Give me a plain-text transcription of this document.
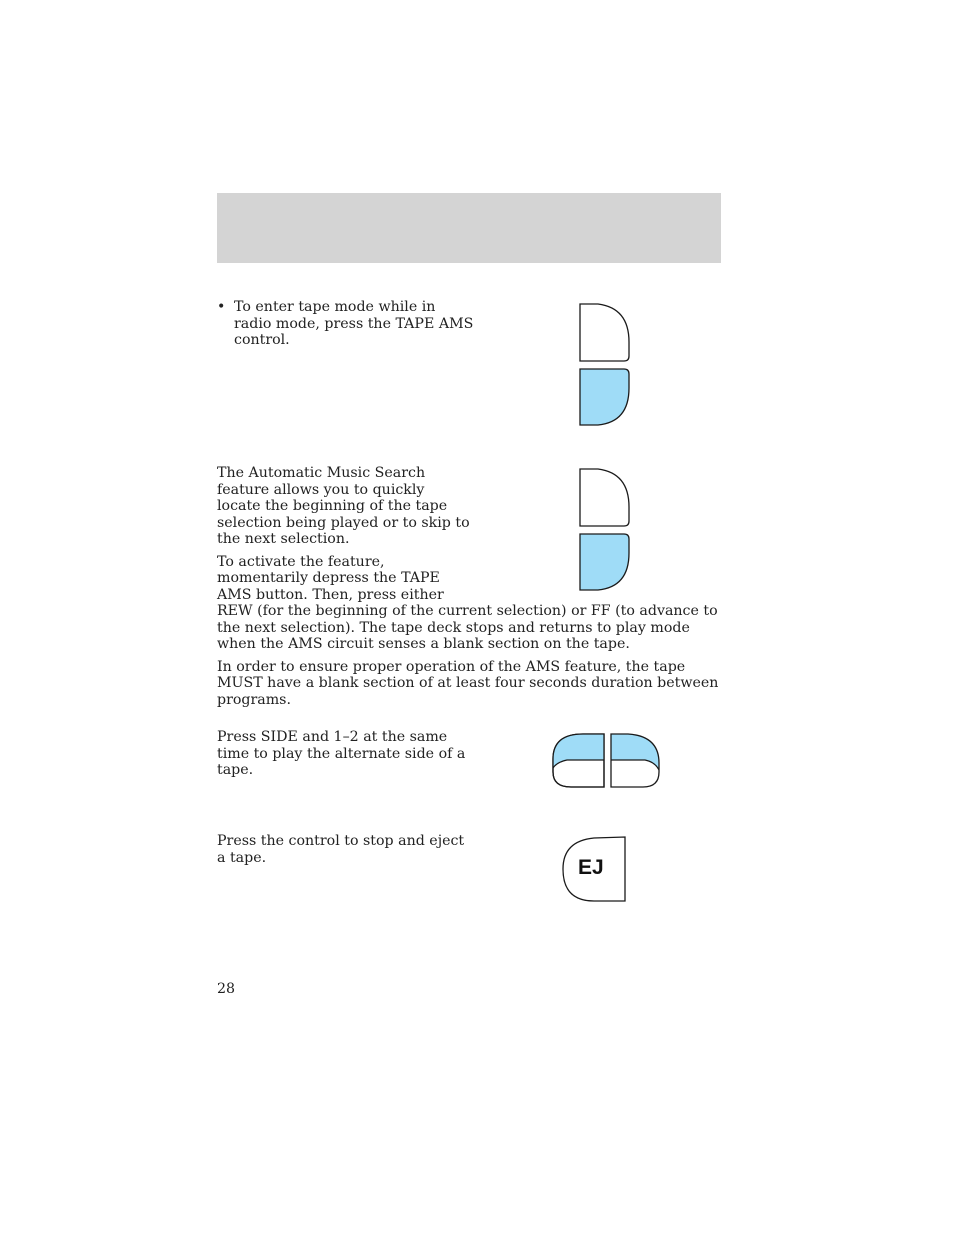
• To enter tape mode while in radio mode, press the TAPE AMS control.

The Automatic Music Search feature allows you to quickly locate the beginning of the tape selection being played or to skip to the next selection.

To activate the feature, momentarily depress the TAPE AMS button. Then, press either REW (for the beginning of the current selection) or FF (to advance to the next selection). The tape deck stops and returns to play mode when the AMS circuit senses a blank section on the tape.

In order to ensure proper operation of the AMS feature, the tape MUST have a blank section of at least four seconds duration between programs.

Press SIDE and 1–2 at the same time to play the alternate side of a tape.

Press the control to stop and eject a tape.	EJ
28
